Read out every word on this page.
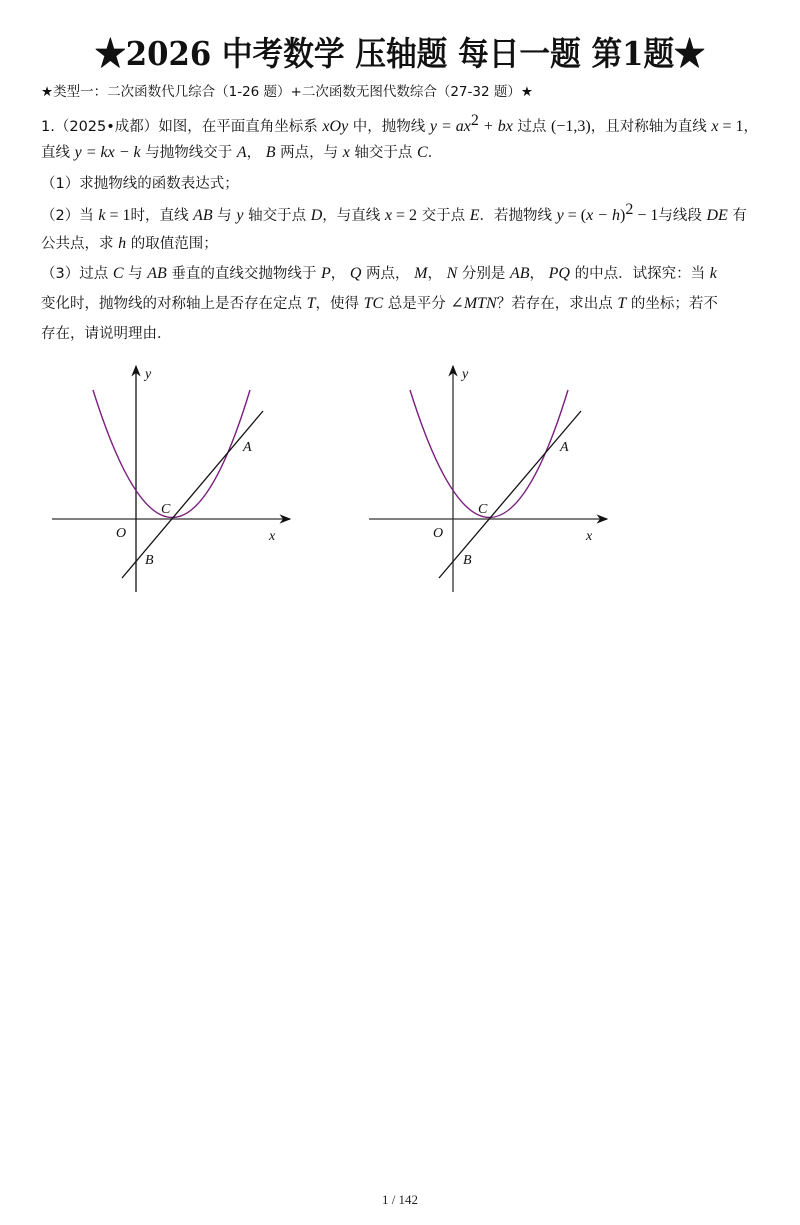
★2026 中考数学 压轴题 每日一题 第1题★
★类型一：二次函数代几综合（1-26 题）+二次函数无图代数综合（27-32 题）★
1.（2025•成都）如图，在平面直角坐标系 xOy 中，抛物线 $y = ax^2$ + bx 过点 (−1,3)，且对称轴为直线 x = 1，
直线 y = kx − k 与抛物线交于 A， B 两点，与 x 轴交于点 C．
（1）求抛物线的函数表达式；
（2）当 k = 1时，直线 AB 与 y 轴交于点 D，与直线 x = 2 交于点 E．若抛物线 $y = (x - h)^2 - 1$与线段 DE 有
公共点，求 h 的取值范围；
（3）过点 C 与 AB 垂直的直线交抛物线于 P， Q 两点， M， N 分别是 AB， PQ 的中点．试探究：当 k
变化时，抛物线的对称轴上是否存在定点 T，使得 TC 总是平分 ∠MTN？若存在，求出点 T 的坐标；若不
存在，请说明理由．
y
x
O
A
B
C
y
x
O
A
B
C
1 / 142
